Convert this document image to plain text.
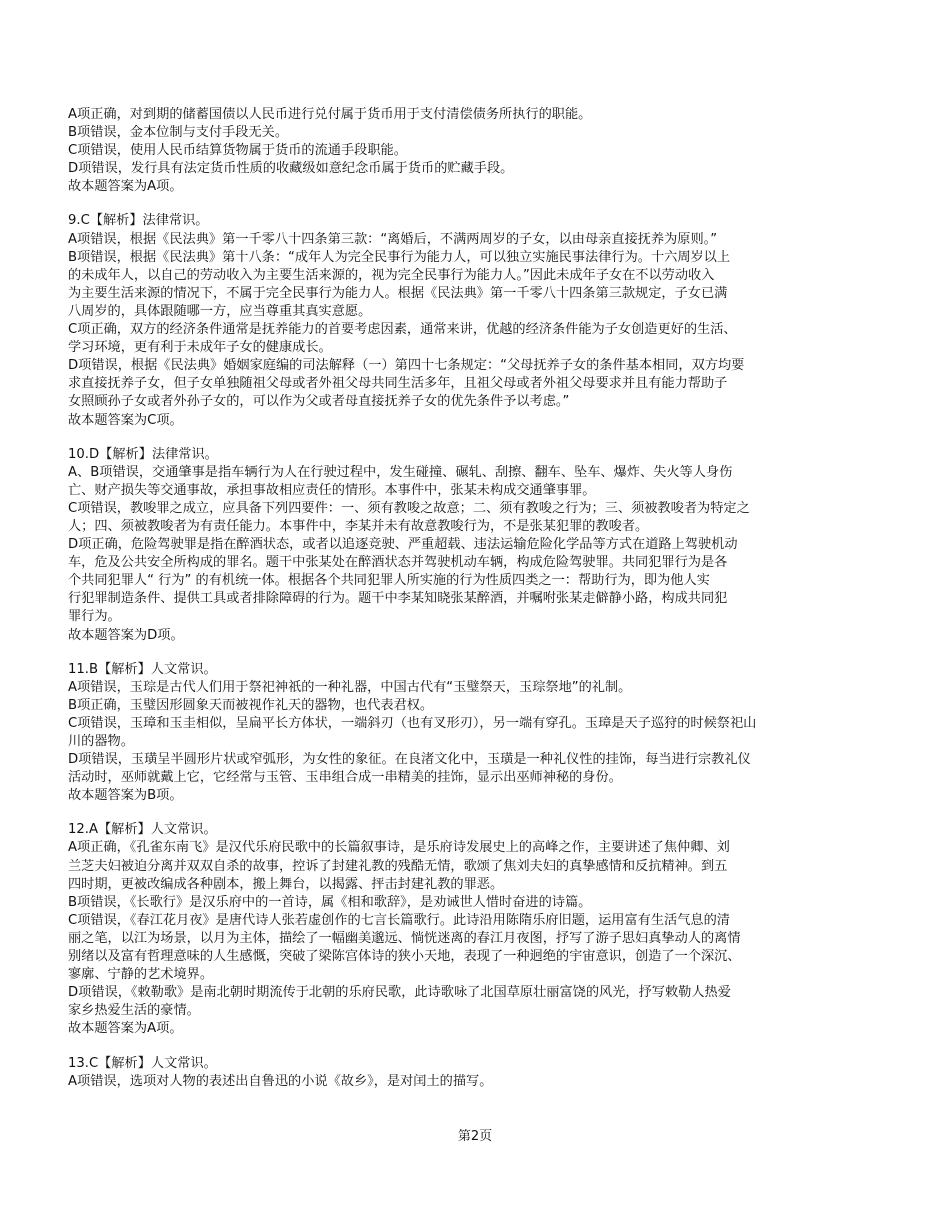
A项正确，对到期的储蓄国债以人民币进行兑付属于货币用于支付清偿债务所执行的职能。

B项错误，金本位制与支付手段无关。

C项错误，使用人民币结算货物属于货币的流通手段职能。

D项错误，发行具有法定货币性质的收藏级如意纪念币属于货币的贮藏手段。

故本题答案为A项。

9.C【解析】法律常识。

A项错误，根据《民法典》第一千零八十四条第三款：“离婚后，不满两周岁的子女，以由母亲直接抚养为原则。”

B项错误，根据《民法典》第十八条：“成年人为完全民事行为能力人，可以独立实施民事法律行为。十六周岁以上

的未成年人，以自己的劳动收入为主要生活来源的，视为完全民事行为能力人。”因此未成年子女在不以劳动收入

为主要生活来源的情况下，不属于完全民事行为能力人。根据《民法典》第一千零八十四条第三款规定，子女已满

八周岁的，具体跟随哪一方，应当尊重其真实意愿。

C项正确，双方的经济条件通常是抚养能力的首要考虑因素，通常来讲，优越的经济条件能为子女创造更好的生活、

学习环境，更有利于未成年子女的健康成长。

D项错误，根据《民法典》婚姻家庭编的司法解释（一）第四十七条规定：“父母抚养子女的条件基本相同，双方均要

求直接抚养子女，但子女单独随祖父母或者外祖父母共同生活多年，且祖父母或者外祖父母要求并且有能力帮助子

女照顾孙子女或者外孙子女的，可以作为父或者母直接抚养子女的优先条件予以考虑。”

故本题答案为C项。

10.D【解析】法律常识。

A、B项错误，交通肇事是指车辆行为人在行驶过程中，发生碰撞、碾轧、刮擦、翻车、坠车、爆炸、失火等人身伤

亡、财产损失等交通事故，承担事故相应责任的情形。本事件中，张某未构成交通肇事罪。

C项错误，教唆罪之成立，应具备下列四要件：一、须有教唆之故意；二、须有教唆之行为；三、须被教唆者为特定之

人；四、须被教唆者为有责任能力。本事件中，李某并未有故意教唆行为，不是张某犯罪的教唆者。

D项正确，危险驾驶罪是指在醉酒状态，或者以追逐竞驶、严重超载、违法运输危险化学品等方式在道路上驾驶机动

车，危及公共安全所构成的罪名。题干中张某处在醉酒状态并驾驶机动车辆，构成危险驾驶罪。共同犯罪行为是各

个共同犯罪人“ 行为” 的有机统一体。根据各个共同犯罪人所实施的行为性质四类之一：帮助行为，即为他人实

行犯罪制造条件、提供工具或者排除障碍的行为。题干中李某知晓张某醉酒，并嘱咐张某走僻静小路，构成共同犯

罪行为。

故本题答案为D项。

11.B【解析】人文常识。

A项错误，玉琮是古代人们用于祭祀神祇的一种礼器，中国古代有“玉璧祭天，玉琮祭地”的礼制。

B项正确，玉璧因形圆象天而被视作礼天的器物，也代表君权。

C项错误，玉璋和玉圭相似，呈扁平长方体状，一端斜刃（也有叉形刃），另一端有穿孔。玉璋是天子巡狩的时候祭祀山

川的器物。

D项错误，玉璜呈半圆形片状或窄弧形，为女性的象征。在良渚文化中，玉璜是一种礼仪性的挂饰，每当进行宗教礼仪

活动时，巫师就戴上它，它经常与玉管、玉串组合成一串精美的挂饰，显示出巫师神秘的身份。

故本题答案为B项。

12.A【解析】人文常识。

A项正确，《孔雀东南飞》是汉代乐府民歌中的长篇叙事诗，是乐府诗发展史上的高峰之作，主要讲述了焦仲卿、刘

兰芝夫妇被迫分离并双双自杀的故事，控诉了封建礼教的残酷无情，歌颂了焦刘夫妇的真挚感情和反抗精神。到五

四时期，更被改编成各种剧本，搬上舞台，以揭露、抨击封建礼教的罪恶。

B项错误，《长歌行》是汉乐府中的一首诗，属《相和歌辞》，是劝诫世人惜时奋进的诗篇。

C项错误，《春江花月夜》是唐代诗人张若虚创作的七言长篇歌行。此诗沿用陈隋乐府旧题，运用富有生活气息的清

丽之笔，以江为场景，以月为主体，描绘了一幅幽美邈远、惝恍迷离的春江月夜图，抒写了游子思妇真挚动人的离情

别绪以及富有哲理意味的人生感慨，突破了梁陈宫体诗的狭小天地，表现了一种迥绝的宇宙意识，创造了一个深沉、

寥廓、宁静的艺术境界。

D项错误，《敕勒歌》是南北朝时期流传于北朝的乐府民歌，此诗歌咏了北国草原壮丽富饶的风光，抒写敕勒人热爱

家乡热爱生活的豪情。

故本题答案为A项。

13.C【解析】人文常识。

A项错误，选项对人物的表述出自鲁迅的小说《故乡》，是对闰土的描写。

第2页
